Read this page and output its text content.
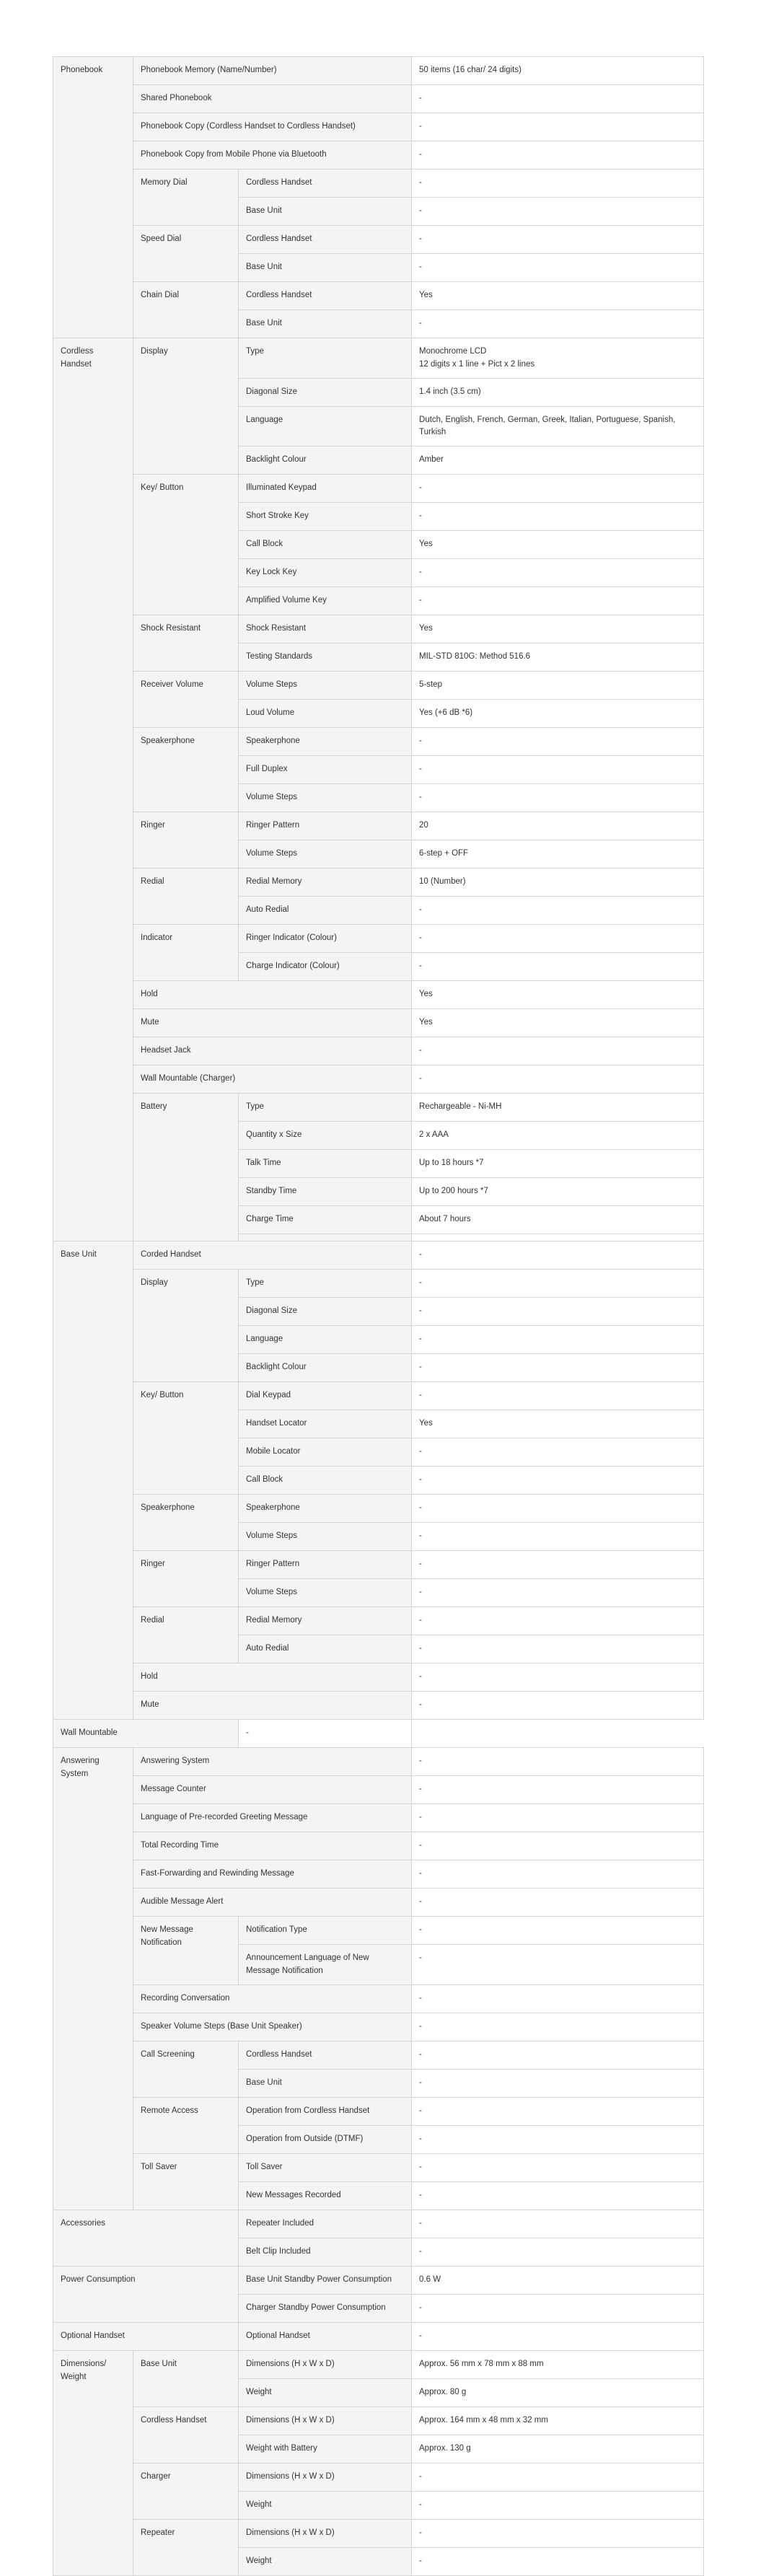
Phonebook	Phonebook Memory (Name/Number)		50 items (16 char/ 24 digits)
	Shared Phonebook		-
	Phonebook Copy (Cordless Handset to Cordless Handset)		-
	Phonebook Copy from Mobile Phone via Bluetooth		-
	Memory Dial	Cordless Handset	-
		Base Unit	-
	Speed Dial	Cordless Handset	-
		Base Unit	-
	Chain Dial	Cordless Handset	Yes
		Base Unit	-
Cordless Handset	Display	Type	Monochrome LCD
12 digits x 1 line + Pict x 2 lines
		Diagonal Size	1.4 inch (3.5 cm)
		Language	Dutch, English, French, German, Greek, Italian, Portuguese, Spanish, Turkish
		Backlight Colour	Amber
	Key/ Button	Illuminated Keypad	-
		Short Stroke Key	-
		Call Block	Yes
		Key Lock Key	-
		Amplified Volume Key	-
	Shock Resistant	Shock Resistant	Yes
		Testing Standards	MIL-STD 810G: Method 516.6
	Receiver Volume	Volume Steps	5-step
		Loud Volume	Yes (+6 dB *6)
	Speakerphone	Speakerphone	-
		Full Duplex	-
		Volume Steps	-
	Ringer	Ringer Pattern	20
		Volume Steps	6-step + OFF
	Redial	Redial Memory	10 (Number)
		Auto Redial	-
	Indicator	Ringer Indicator (Colour)	-
		Charge Indicator (Colour)	-
	Hold		Yes
	Mute		Yes
	Headset Jack		-
	Wall Mountable (Charger)		-
	Battery	Type	Rechargeable - Ni-MH
		Quantity x Size	2 x AAA
		Talk Time	Up to 18 hours *7
		Standby Time	Up to 200 hours *7
		Charge Time	About 7 hours

Base Unit	Corded Handset		-
	Display	Type	-
		Diagonal Size	-
		Language	-
		Backlight Colour	-
	Key/ Button	Dial Keypad	-
		Handset Locator	Yes
		Mobile Locator	-
		Call Block	-
	Speakerphone	Speakerphone	-
		Volume Steps	-
	Ringer	Ringer Pattern	-
		Volume Steps	-
	Redial	Redial Memory	-
		Auto Redial	-
	Hold		-
	Mute		-
Wall Mountable		-	
Answering System	Answering System		-
	Message Counter		-
	Language of Pre-recorded Greeting Message		-
	Total Recording Time		-
	Fast-Forwarding and Rewinding Message		-
	Audible Message Alert		-
	New Message Notification	Notification Type	-
		Announcement Language of New Message Notification	-
	Recording Conversation		-
	Speaker Volume Steps (Base Unit Speaker)		-
	Call Screening	Cordless Handset	-
		Base Unit	-
	Remote Access	Operation from Cordless Handset	-
		Operation from Outside (DTMF)	-
	Toll Saver	Toll Saver	-
		New Messages Recorded	-
Accessories		Repeater Included	-
		Belt Clip Included	-
Power Consumption		Base Unit Standby Power Consumption	0.6 W
		Charger Standby Power Consumption	-
Optional Handset		Optional Handset	-
Dimensions/ Weight	Base Unit	Dimensions (H x W x D)	Approx. 56 mm x 78 mm x 88 mm
		Weight	Approx. 80 g
	Cordless Handset	Dimensions (H x W x D)	Approx. 164 mm x 48 mm x 32 mm
		Weight with Battery	Approx. 130 g
	Charger	Dimensions (H x W x D)	-
		Weight	-
	Repeater	Dimensions (H x W x D)	-
		Weight	-
